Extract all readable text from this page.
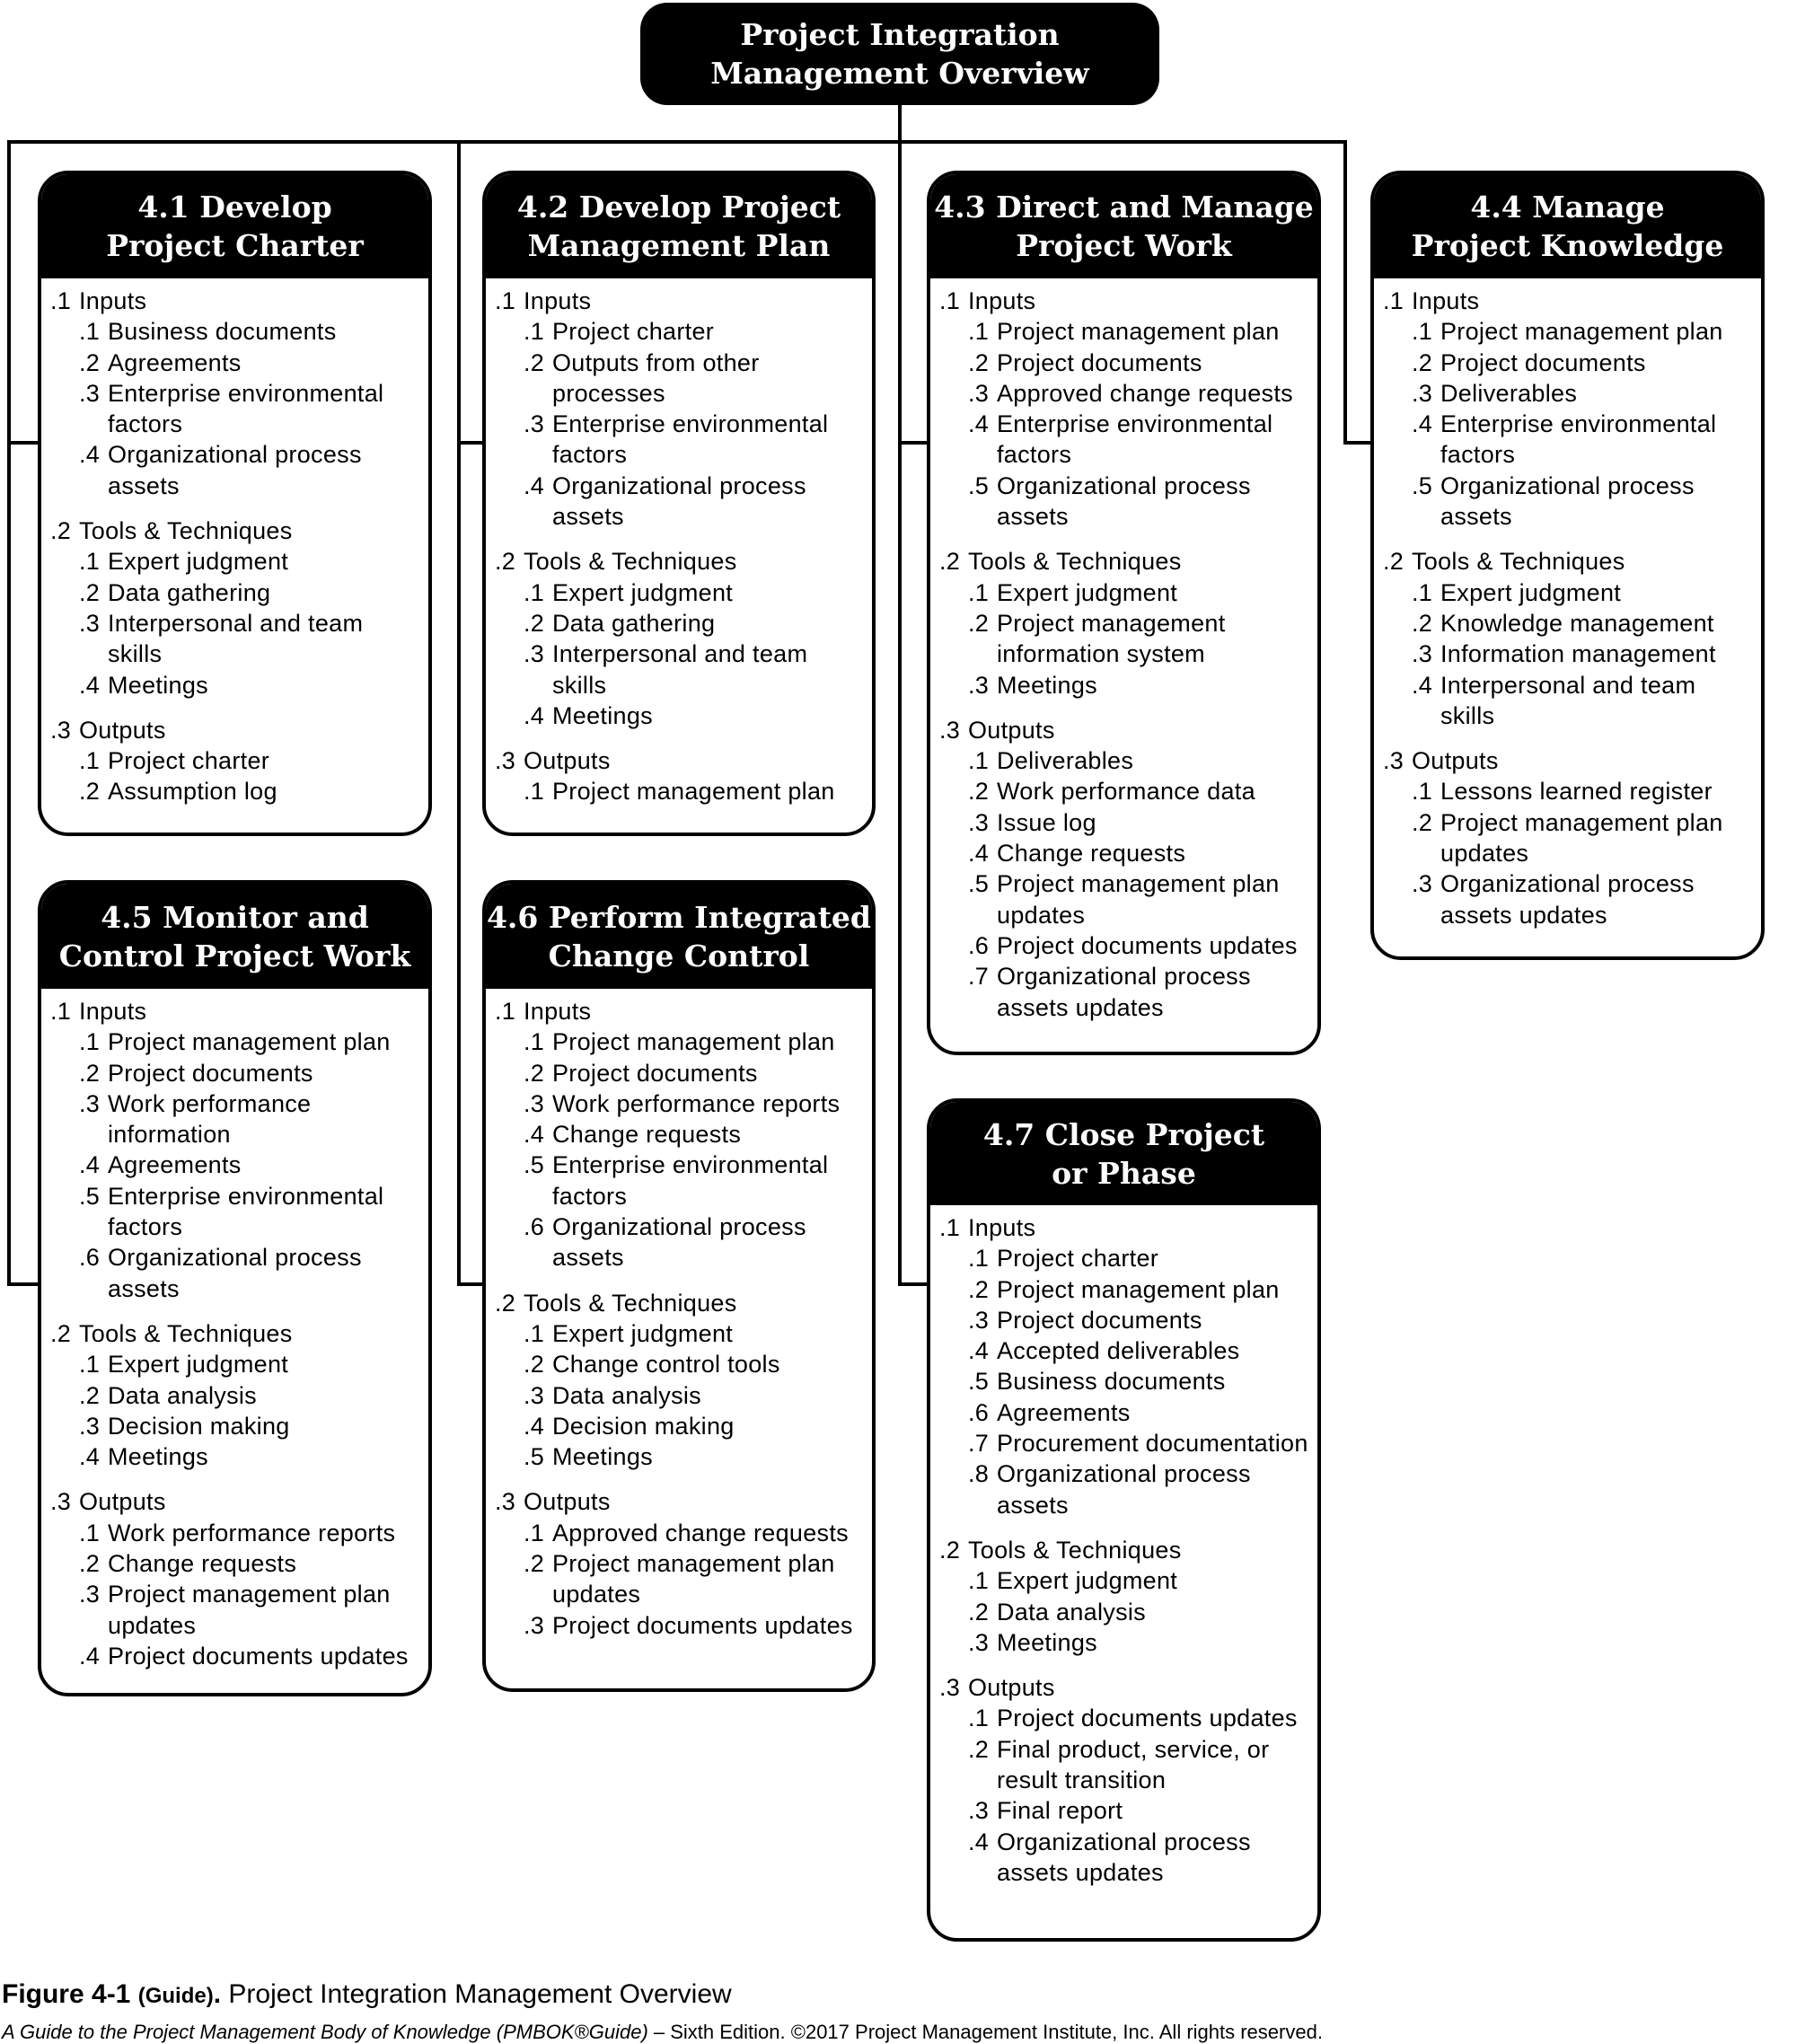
Project Integration
Management Overview
4.1 Develop
Project Charter
.1 Inputs
.1 Business documents
.2 Agreements
.3 Enterprise environmental factors
.4 Organizational process assets
.2 Tools & Techniques
.1 Expert judgment
.2 Data gathering
.3 Interpersonal and team skills
.4 Meetings
.3 Outputs
.1 Project charter
.2 Assumption log
4.2 Develop Project
Management Plan
.1 Inputs
.1 Project charter
.2 Outputs from other processes
.3 Enterprise environmental factors
.4 Organizational process assets
.2 Tools & Techniques
.1 Expert judgment
.2 Data gathering
.3 Interpersonal and team skills
.4 Meetings
.3 Outputs
.1 Project management plan
4.3 Direct and Manage
Project Work
.1 Inputs
.1 Project management plan
.2 Project documents
.3 Approved change requests
.4 Enterprise environmental factors
.5 Organizational process assets
.2 Tools & Techniques
.1 Expert judgment
.2 Project management information system
.3 Meetings
.3 Outputs
.1 Deliverables
.2 Work performance data
.3 Issue log
.4 Change requests
.5 Project management plan updates
.6 Project documents updates
.7 Organizational process assets updates
4.4 Manage
Project Knowledge
.1 Inputs
.1 Project management plan
.2 Project documents
.3 Deliverables
.4 Enterprise environmental factors
.5 Organizational process assets
.2 Tools & Techniques
.1 Expert judgment
.2 Knowledge management
.3 Information management
.4 Interpersonal and team skills
.3 Outputs
.1 Lessons learned register
.2 Project management plan updates
.3 Organizational process assets updates
4.5 Monitor and
Control Project Work
.1 Inputs
.1 Project management plan
.2 Project documents
.3 Work performance information
.4 Agreements
.5 Enterprise environmental factors
.6 Organizational process assets
.2 Tools & Techniques
.1 Expert judgment
.2 Data analysis
.3 Decision making
.4 Meetings
.3 Outputs
.1 Work performance reports
.2 Change requests
.3 Project management plan updates
.4 Project documents updates
4.6 Perform Integrated
Change Control
.1 Inputs
.1 Project management plan
.2 Project documents
.3 Work performance reports
.4 Change requests
.5 Enterprise environmental factors
.6 Organizational process assets
.2 Tools & Techniques
.1 Expert judgment
.2 Change control tools
.3 Data analysis
.4 Decision making
.5 Meetings
.3 Outputs
.1 Approved change requests
.2 Project management plan updates
.3 Project documents updates
4.7 Close Project
or Phase
.1 Inputs
.1 Project charter
.2 Project management plan
.3 Project documents
.4 Accepted deliverables
.5 Business documents
.6 Agreements
.7 Procurement documentation
.8 Organizational process assets
.2 Tools & Techniques
.1 Expert judgment
.2 Data analysis
.3 Meetings
.3 Outputs
.1 Project documents updates
.2 Final product, service, or result transition
.3 Final report
.4 Organizational process assets updates
Figure 4-1 (Guide). Project Integration Management Overview
A Guide to the Project Management Body of Knowledge (PMBOK®Guide) – Sixth Edition. ©2017 Project Management Institute, Inc. All rights reserved.
